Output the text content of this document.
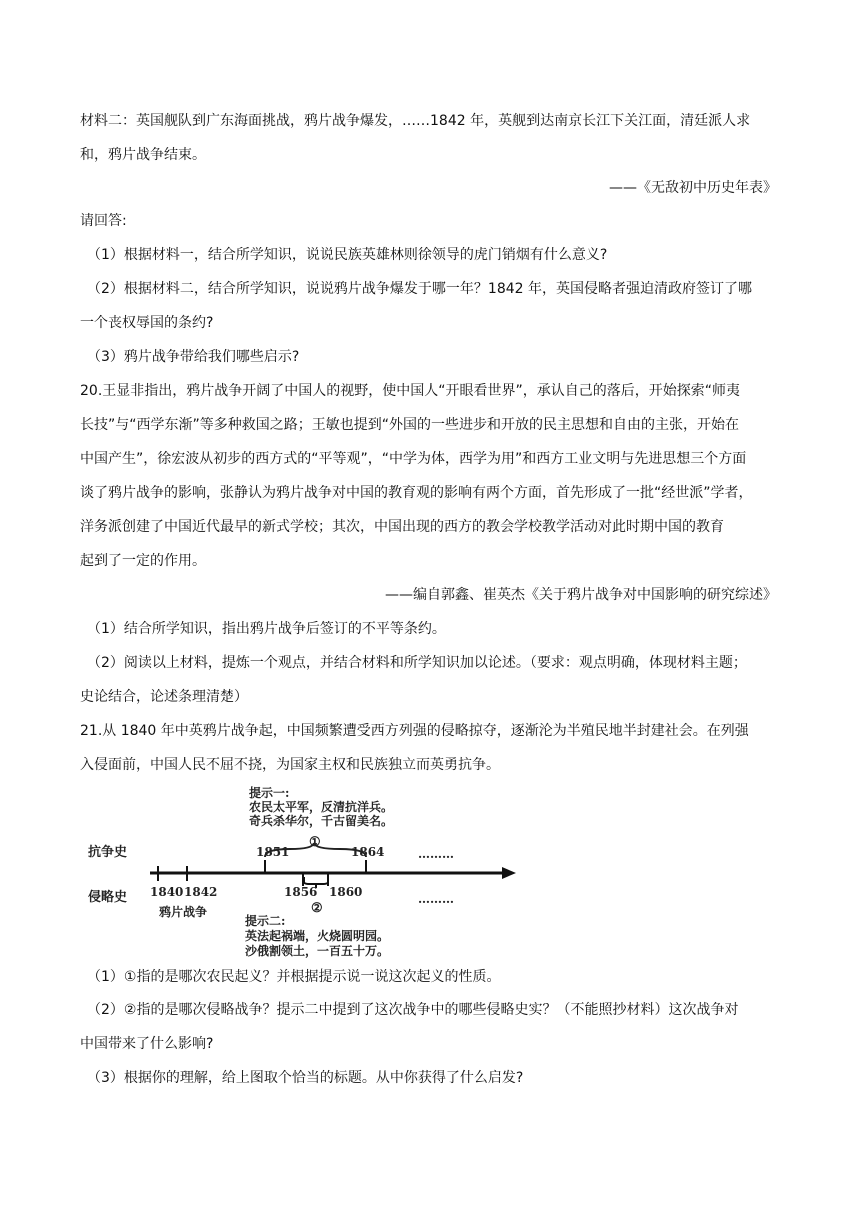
材料二：英国舰队到广东海面挑战，鸦片战争爆发，……1842 年，英舰到达南京长江下关江面，清廷派人求
和，鸦片战争结束。
——《无敌初中历史年表》
请回答:
（1）根据材料一，结合所学知识，说说民族英雄林则徐领导的虎门销烟有什么意义?
（2）根据材料二，结合所学知识，说说鸦片战争爆发于哪一年？1842 年，英国侵略者强迫清政府签订了哪
一个丧权辱国的条约?
（3）鸦片战争带给我们哪些启示?
20.王显非指出，鸦片战争开阔了中国人的视野，使中国人“开眼看世界”，承认自己的落后，开始探索“师夷
长技”与“西学东渐”等多种救国之路；王敏也提到“外国的一些进步和开放的民主思想和自由的主张，开始在
中国产生”，徐宏波从初步的西方式的“平等观”，“中学为体，西学为用”和西方工业文明与先进思想三个方面
谈了鸦片战争的影响，张静认为鸦片战争对中国的教育观的影响有两个方面，首先形成了一批“经世派”学者，
洋务派创建了中国近代最早的新式学校；其次，中国出现的西方的教会学校教学活动对此时期中国的教育
起到了一定的作用。
——编自郭鑫、崔英杰《关于鸦片战争对中国影响的研究综述》
（1）结合所学知识，指出鸦片战争后签订的不平等条约。
（2）阅读以上材料，提炼一个观点，并结合材料和所学知识加以论述。（要求：观点明确，体现材料主题；
史论结合，论述条理清楚）
21.从 1840 年中英鸦片战争起，中国频繁遭受西方列强的侵略掠夺，逐渐沦为半殖民地半封建社会。在列强
入侵面前，中国人民不屈不挠，为国家主权和民族独立而英勇抗争。
提示一:
农民太平军，反清抗洋兵。
奇兵杀华尔，千古留美名。
①
抗争史	1851	1864	………
侵略史 1840 1842	1856 1860	………
②
鸦片战争
提示二:
英法起祸端，火烧圆明园。
沙俄割领土，一百五十万。
（1）①指的是哪次农民起义？并根据提示说一说这次起义的性质。
（2）②指的是哪次侵略战争？提示二中提到了这次战争中的哪些侵略史实？（不能照抄材料）这次战争对
中国带来了什么影响?
（3）根据你的理解，给上图取个恰当的标题。从中你获得了什么启发?
